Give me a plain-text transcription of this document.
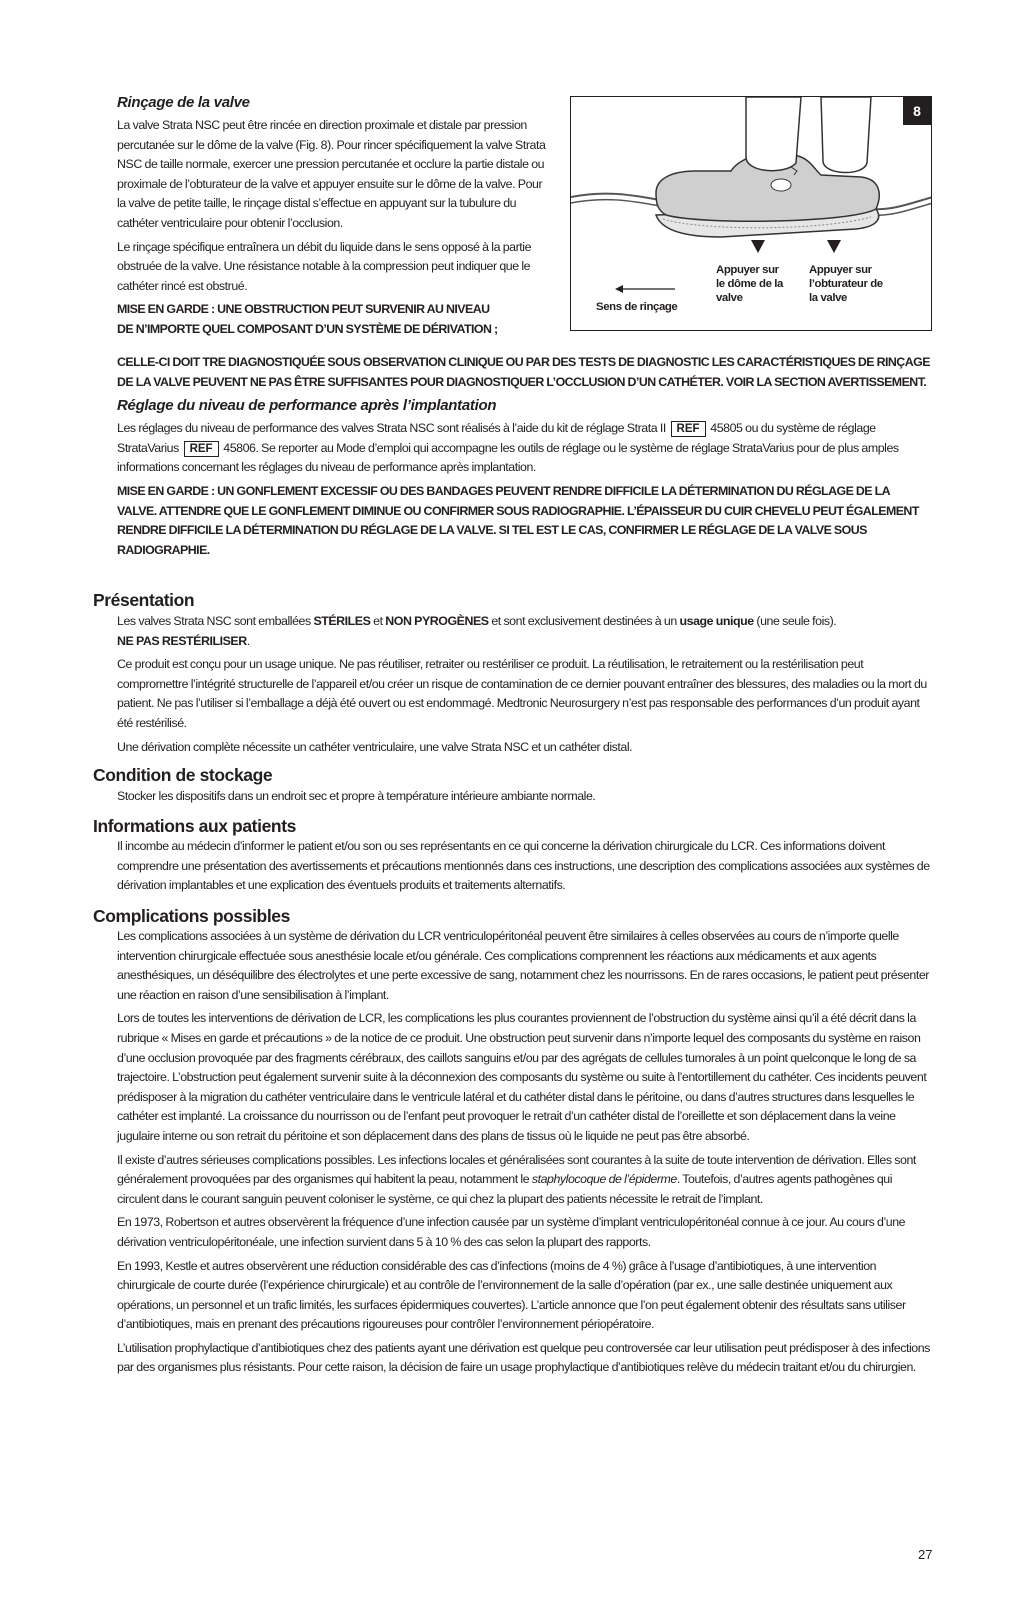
Rinçage de la valve

La valve Strata NSC peut être rincée en direction proximale et distale par pression percutanée sur le dôme de la valve (Fig. 8). Pour rincer spécifiquement la valve Strata NSC de taille normale, exercer une pression percutanée et occlure la partie distale ou proximale de l’obturateur de la valve et appuyer ensuite sur le dôme de la valve. Pour la valve de petite taille, le rinçage distal s’effectue en appuyant sur la tubulure du cathéter ventriculaire pour obtenir l’occlusion.

Le rinçage spécifique entraînera un débit du liquide dans le sens opposé à la partie obstruée de la valve. Une résistance notable à la compression peut indiquer que le cathéter rincé est obstrué.

MISE EN GARDE : UNE OBSTRUCTION PEUT SURVENIR AU NIVEAU

DE N’IMPORTE QUEL COMPOSANT D’UN SYSTÈME DE DÉRIVATION ;

8
Sens de rinçage
Appuyer sur le dôme de la valve
Appuyer sur l’obturateur de la valve

CELLE-CI DOIT TRE DIAGNOSTIQUÉE SOUS OBSERVATION CLINIQUE OU PAR DES TESTS DE DIAGNOSTIC LES CARACTÉRISTIQUES DE RINÇAGE DE LA VALVE PEUVENT NE PAS ÊTRE SUFFISANTES POUR DIAGNOSTIQUER L’OCCLUSION D’UN CATHÉTER. VOIR LA SECTION AVERTISSEMENT.

Réglage du niveau de performance après l’implantation

Les réglages du niveau de performance des valves Strata NSC sont réalisés à l’aide du kit de réglage Strata II REF 45805 ou du système de réglage StrataVarius REF 45806. Se reporter au Mode d’emploi qui accompagne les outils de réglage ou le système de réglage StrataVarius pour de plus amples informations concernant les réglages du niveau de performance après implantation.

MISE EN GARDE : UN GONFLEMENT EXCESSIF OU DES BANDAGES PEUVENT RENDRE DIFFICILE LA DÉTERMINATION DU RÉGLAGE DE LA VALVE. ATTENDRE QUE LE GONFLEMENT DIMINUE OU CONFIRMER SOUS RADIOGRAPHIE. L’ÉPAISSEUR DU CUIR CHEVELU PEUT ÉGALEMENT RENDRE DIFFICILE LA DÉTERMINATION DU RÉGLAGE DE LA VALVE. SI TEL EST LE CAS, CONFIRMER LE RÉGLAGE DE LA VALVE SOUS RADIOGRAPHIE.

Présentation

Les valves Strata NSC sont emballées STÉRILES et NON PYROGÈNES et sont exclusivement destinées à un usage unique (une seule fois).
NE PAS RESTÉRILISER.

Ce produit est conçu pour un usage unique. Ne pas réutiliser, retraiter ou restériliser ce produit. La réutilisation, le retraitement ou la restérilisation peut compromettre l’intégrité structurelle de l’appareil et/ou créer un risque de contamination de ce dernier pouvant entraîner des blessures, des maladies ou la mort du patient. Ne pas l’utiliser si l’emballage a déjà été ouvert ou est endommagé. Medtronic Neurosurgery n’est pas responsable des performances d’un produit ayant été restérilisé.

Une dérivation complète nécessite un cathéter ventriculaire, une valve Strata NSC et un cathéter distal.

Condition de stockage

Stocker les dispositifs dans un endroit sec et propre à température intérieure ambiante normale.

Informations aux patients

Il incombe au médecin d’informer le patient et/ou son ou ses représentants en ce qui concerne la dérivation chirurgicale du LCR. Ces informations doivent comprendre une présentation des avertissements et précautions mentionnés dans ces instructions, une description des complications associées aux systèmes de dérivation implantables et une explication des éventuels produits et traitements alternatifs.

Complications possibles

Les complications associées à un système de dérivation du LCR ventriculopéritonéal peuvent être similaires à celles observées au cours de n’importe quelle intervention chirurgicale effectuée sous anesthésie locale et/ou générale. Ces complications comprennent les réactions aux médicaments et aux agents anesthésiques, un déséquilibre des électrolytes et une perte excessive de sang, notamment chez les nourrissons. En de rares occasions, le patient peut présenter une réaction en raison d’une sensibilisation à l’implant.

Lors de toutes les interventions de dérivation de LCR, les complications les plus courantes proviennent de l’obstruction du système ainsi qu’il a été décrit dans la rubrique « Mises en garde et précautions » de la notice de ce produit. Une obstruction peut survenir dans n’importe lequel des composants du système en raison d’une occlusion provoquée par des fragments cérébraux, des caillots sanguins et/ou par des agrégats de cellules tumorales à un point quelconque le long de sa trajectoire. L’obstruction peut également survenir suite à la déconnexion des composants du système ou suite à l’entortillement du cathéter. Ces incidents peuvent prédisposer à la migration du cathéter ventriculaire dans le ventricule latéral et du cathéter distal dans le péritoine, ou dans d’autres structures dans lesquelles le cathéter est implanté. La croissance du nourrisson ou de l’enfant peut provoquer le retrait d’un cathéter distal de l’oreillette et son déplacement dans la veine jugulaire interne ou son retrait du péritoine et son déplacement dans des plans de tissus où le liquide ne peut pas être absorbé.

Il existe d’autres sérieuses complications possibles. Les infections locales et généralisées sont courantes à la suite de toute intervention de dérivation. Elles sont généralement provoquées par des organismes qui habitent la peau, notamment le staphylocoque de l’épiderme. Toutefois, d’autres agents pathogènes qui circulent dans le courant sanguin peuvent coloniser le système, ce qui chez la plupart des patients nécessite le retrait de l’implant.

En 1973, Robertson et autres observèrent la fréquence d’une infection causée par un système d’implant ventriculopéritonéal connue à ce jour. Au cours d’une dérivation ventriculopéritonéale, une infection survient dans 5 à 10 % des cas selon la plupart des rapports.

En 1993, Kestle et autres observèrent une réduction considérable des cas d’infections (moins de 4 %) grâce à l’usage d’antibiotiques, à une intervention chirurgicale de courte durée (l’expérience chirurgicale) et au contrôle de l’environnement de la salle d’opération (par ex., une salle destinée uniquement aux opérations, un personnel et un trafic limités, les surfaces épidermiques couvertes). L’article annonce que l’on peut également obtenir des résultats sans utiliser d’antibiotiques, mais en prenant des précautions rigoureuses pour contrôler l’environnement périopératoire.

L’utilisation prophylactique d’antibiotiques chez des patients ayant une dérivation est quelque peu controversée car leur utilisation peut prédisposer à des infections par des organismes plus résistants. Pour cette raison, la décision de faire un usage prophylactique d’antibiotiques relève du médecin traitant et/ou du chirurgien.

27
